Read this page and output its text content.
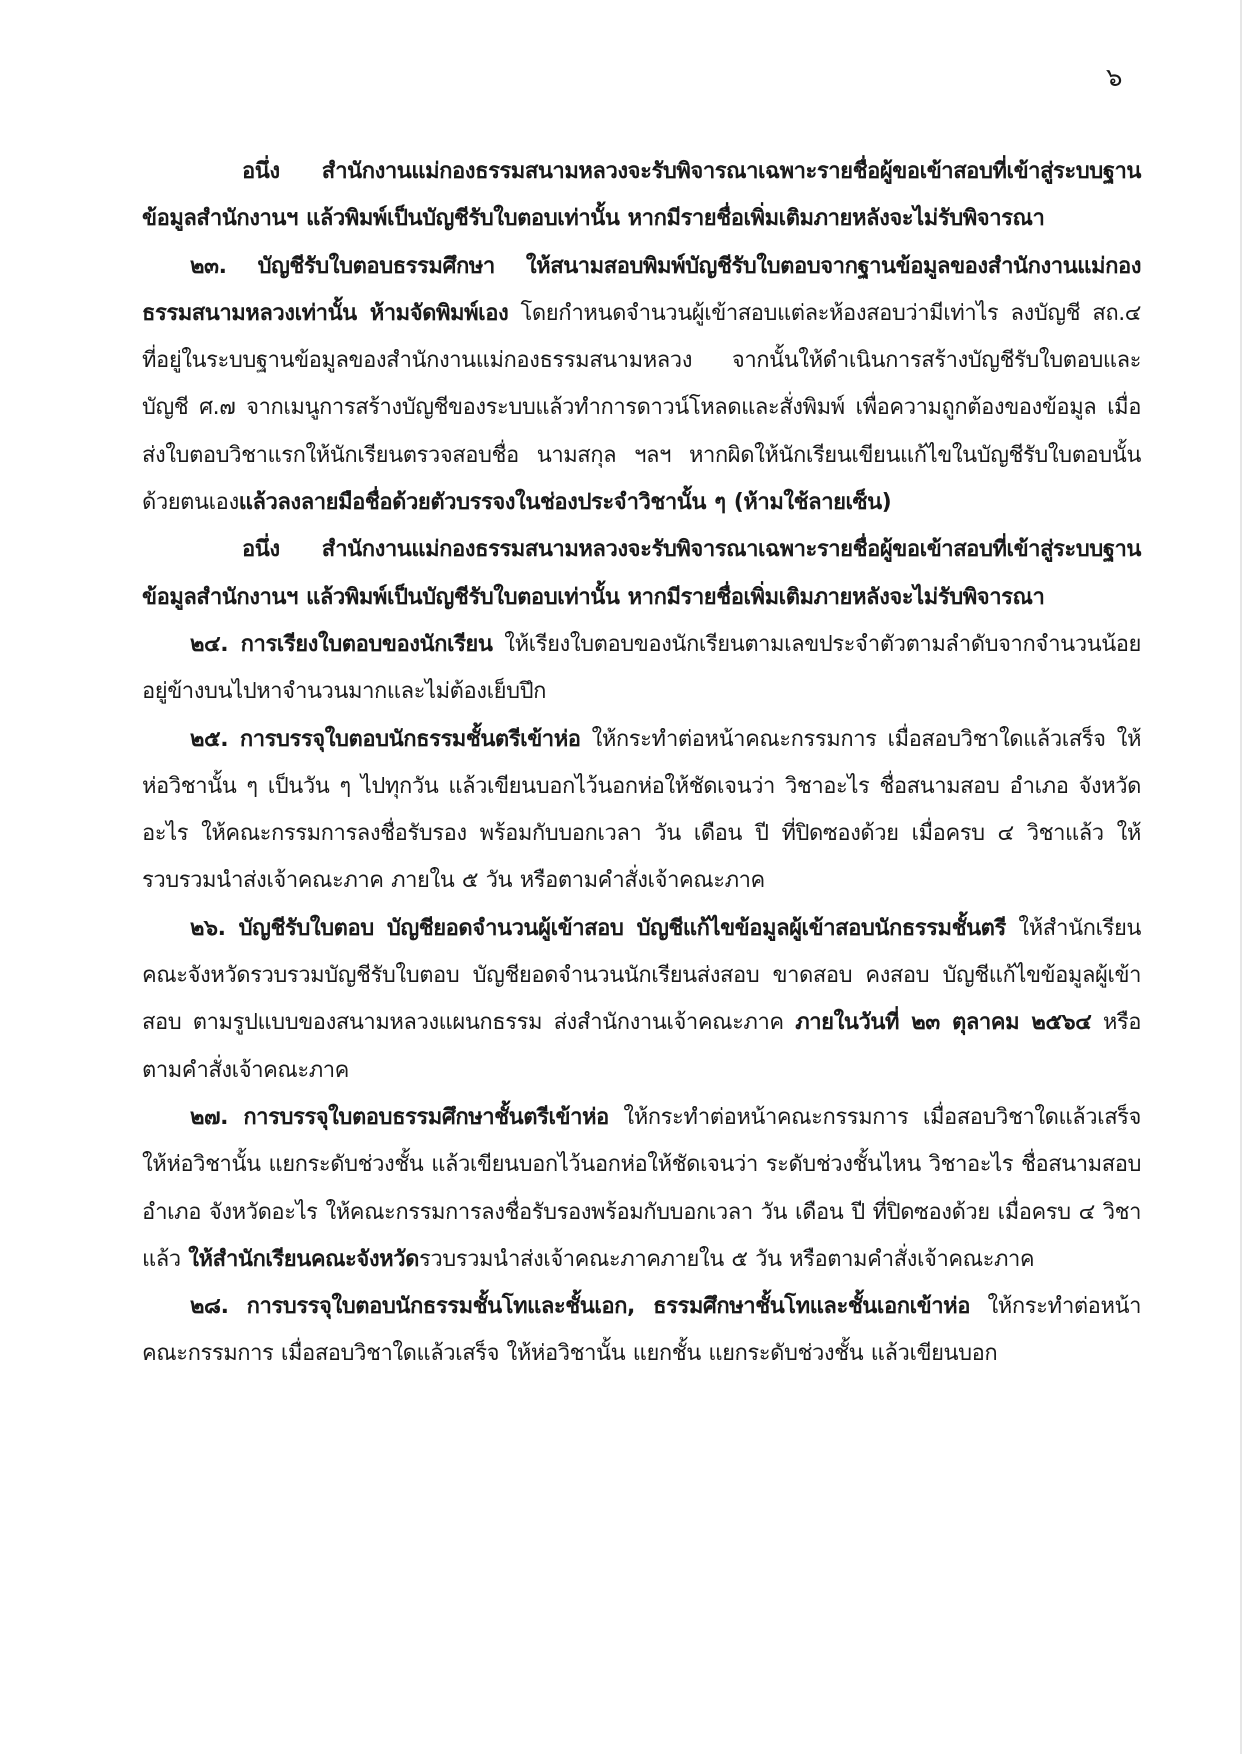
๖

อนึ่ง สำนักงานแม่กองธรรมสนามหลวงจะรับพิจารณาเฉพาะรายชื่อผู้ขอเข้าสอบที่เข้าสู่ระบบฐานข้อมูลสำนักงานฯ แล้วพิมพ์เป็นบัญชีรับใบตอบเท่านั้น หากมีรายชื่อเพิ่มเติมภายหลังจะไม่รับพิจารณา

๒๓. บัญชีรับใบตอบธรรมศึกษา ให้สนามสอบพิมพ์บัญชีรับใบตอบจากฐานข้อมูลของสำนักงานแม่กองธรรมสนามหลวงเท่านั้น ห้ามจัดพิมพ์เอง โดยกำหนดจำนวนผู้เข้าสอบแต่ละห้องสอบว่ามีเท่าไร ลงบัญชี สถ.๔ ที่อยู่ในระบบฐานข้อมูลของสำนักงานแม่กองธรรมสนามหลวง จากนั้นให้ดำเนินการสร้างบัญชีรับใบตอบและบัญชี ศ.๗ จากเมนูการสร้างบัญชีของระบบแล้วทำการดาวน์โหลดและสั่งพิมพ์ เพื่อความถูกต้องของข้อมูล เมื่อส่งใบตอบวิชาแรกให้นักเรียนตรวจสอบชื่อ นามสกุล ฯลฯ หากผิดให้นักเรียนเขียนแก้ไขในบัญชีรับใบตอบนั้นด้วยตนเองแล้วลงลายมือชื่อด้วยตัวบรรจงในช่องประจำวิชานั้น ๆ (ห้ามใช้ลายเซ็น)

อนึ่ง สำนักงานแม่กองธรรมสนามหลวงจะรับพิจารณาเฉพาะรายชื่อผู้ขอเข้าสอบที่เข้าสู่ระบบฐานข้อมูลสำนักงานฯ แล้วพิมพ์เป็นบัญชีรับใบตอบเท่านั้น หากมีรายชื่อเพิ่มเติมภายหลังจะไม่รับพิจารณา

๒๔. การเรียงใบตอบของนักเรียน ให้เรียงใบตอบของนักเรียนตามเลขประจำตัวตามลำดับจากจำนวนน้อยอยู่ข้างบนไปหาจำนวนมากและไม่ต้องเย็บปึก

๒๕. การบรรจุใบตอบนักธรรมชั้นตรีเข้าห่อ ให้กระทำต่อหน้าคณะกรรมการ เมื่อสอบวิชาใดแล้วเสร็จ ให้ห่อวิชานั้น ๆ เป็นวัน ๆ ไปทุกวัน แล้วเขียนบอกไว้นอกห่อให้ชัดเจนว่า วิชาอะไร ชื่อสนามสอบ อำเภอ จังหวัดอะไร ให้คณะกรรมการลงชื่อรับรอง พร้อมกับบอกเวลา วัน เดือน ปี ที่ปิดซองด้วย เมื่อครบ ๔ วิชาแล้ว ให้รวบรวมนำส่งเจ้าคณะภาค ภายใน ๕ วัน หรือตามคำสั่งเจ้าคณะภาค

๒๖. บัญชีรับใบตอบ บัญชียอดจำนวนผู้เข้าสอบ บัญชีแก้ไขข้อมูลผู้เข้าสอบนักธรรมชั้นตรี ให้สำนักเรียนคณะจังหวัดรวบรวมบัญชีรับใบตอบ บัญชียอดจำนวนนักเรียนส่งสอบ ขาดสอบ คงสอบ บัญชีแก้ไขข้อมูลผู้เข้าสอบ ตามรูปแบบของสนามหลวงแผนกธรรม ส่งสำนักงานเจ้าคณะภาค ภายในวันที่ ๒๓ ตุลาคม ๒๕๖๔ หรือตามคำสั่งเจ้าคณะภาค

๒๗. การบรรจุใบตอบธรรมศึกษาชั้นตรีเข้าห่อ ให้กระทำต่อหน้าคณะกรรมการ เมื่อสอบวิชาใดแล้วเสร็จ ให้ห่อวิชานั้น แยกระดับช่วงชั้น แล้วเขียนบอกไว้นอกห่อให้ชัดเจนว่า ระดับช่วงชั้นไหน วิชาอะไร ชื่อสนามสอบ อำเภอ จังหวัดอะไร ให้คณะกรรมการลงชื่อรับรองพร้อมกับบอกเวลา วัน เดือน ปี ที่ปิดซองด้วย เมื่อครบ ๔ วิชาแล้ว ให้สำนักเรียนคณะจังหวัดรวบรวมนำส่งเจ้าคณะภาคภายใน ๕ วัน หรือตามคำสั่งเจ้าคณะภาค

๒๘. การบรรจุใบตอบนักธรรมชั้นโทและชั้นเอก, ธรรมศึกษาชั้นโทและชั้นเอกเข้าห่อ ให้กระทำต่อหน้าคณะกรรมการ เมื่อสอบวิชาใดแล้วเสร็จ ให้ห่อวิชานั้น แยกชั้น แยกระดับช่วงชั้น แล้วเขียนบอก
